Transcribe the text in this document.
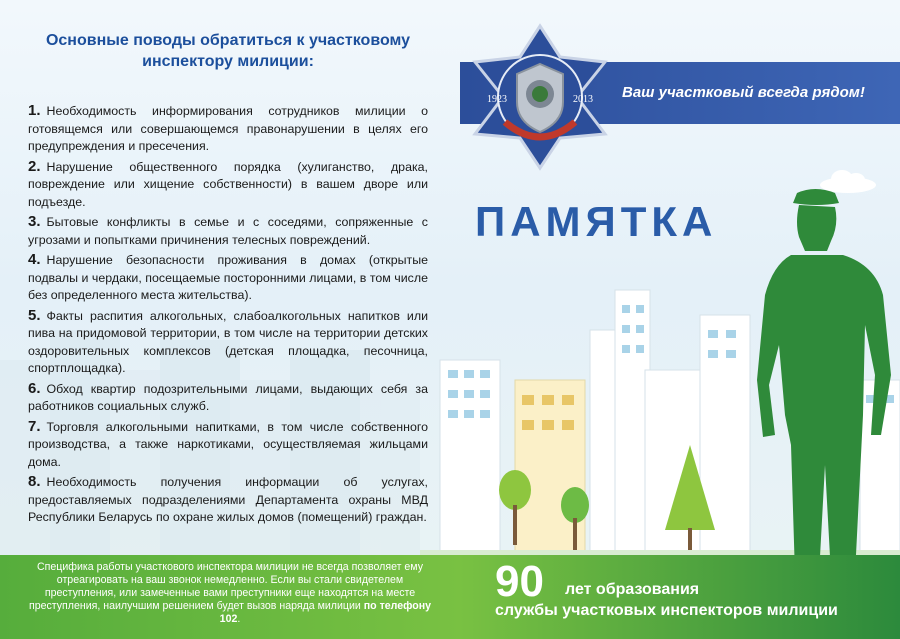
Основные поводы обратиться к участковому инспектору милиции:
1. Необходимость информирования сотрудников милиции о готовящемся или совершающемся правонарушении в целях его предупреждения и пресечения.
2. Нарушение общественного порядка (хулиганство, драка, повреждение или хищение собственности) в вашем дворе или подъезде.
3. Бытовые конфликты в семье и с соседями, сопряженные с угрозами и попытками причинения телесных повреждений.
4. Нарушение безопасности проживания в домах (открытые подвалы и чердаки, посещаемые посторонними лицами, в том числе без определенного места жительства).
5. Факты распития алкогольных, слабоалкогольных напитков или пива на придомовой территории, в том числе на территории детских оздоровительных комплексов (детская площадка, песочница, спортплощадка).
6. Обход квартир подозрительными лицами, выдающих себя за работников социальных служб.
7. Торговля алкогольными напитками, в том числе собственного производства, а также наркотиками, осуществляемая жильцами дома.
8. Необходимость получения информации об услугах, предоставляемых подразделениями Департамента охраны МВД Республики Беларусь по охране жилых домов (помещений) граждан.
Ваш участковый всегда рядом!
1923	2013
ПАМЯТКА
Специфика работы участкового инспектора милиции не всегда позволяет ему отреагировать на ваш звонок немедленно. Если вы стали свидетелем преступления, или замеченные вами преступники еще находятся на месте преступления, наилучшим решением будет вызов наряда милиции по телефону 102.
90 лет образования
службы участковых инспекторов милиции
